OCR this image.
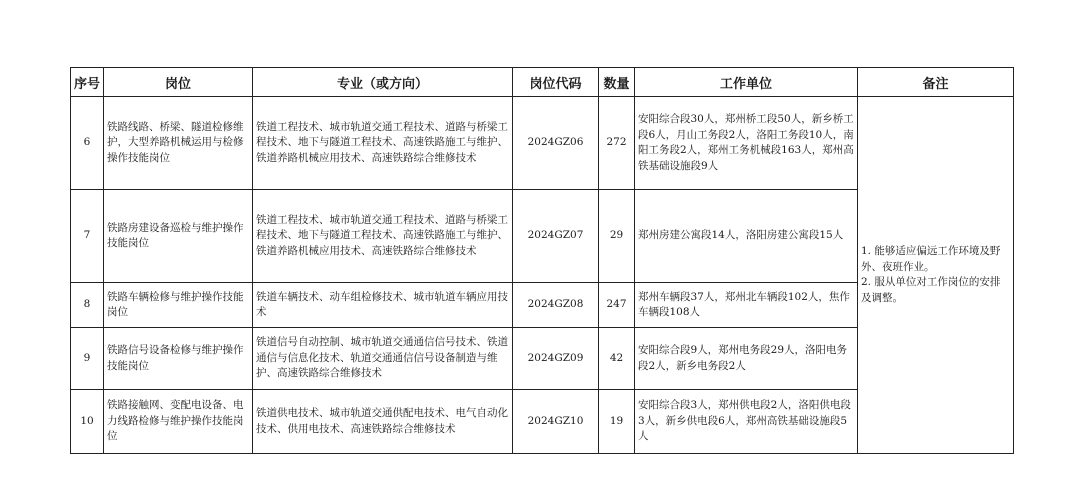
序号	岗位	专业（或方向）	岗位代码	数量	工作单位	备注
6	铁路线路、桥梁、隧道检修维护，大型养路机械运用与检修操作技能岗位	铁道工程技术、城市轨道交通工程技术、道路与桥梁工程技术、地下与隧道工程技术、高速铁路施工与维护、铁道养路机械应用技术、高速铁路综合维修技术	2024GZ06	272	安阳综合段30人，郑州桥工段50人，新乡桥工段6人，月山工务段2人，洛阳工务段10人，南阳工务段2人，郑州工务机械段163人，郑州高铁基础设施段9人	1. 能够适应偏远工作环境及野外、夜班作业。
2. 服从单位对工作岗位的安排及调整。

7	铁路房建设备巡检与维护操作技能岗位	铁道工程技术、城市轨道交通工程技术、道路与桥梁工程技术、地下与隧道工程技术、高速铁路施工与维护、铁道养路机械应用技术、高速铁路综合维修技术	2024GZ07	29	郑州房建公寓段14人，洛阳房建公寓段15人	
8	铁路车辆检修与维护操作技能岗位	铁道车辆技术、动车组检修技术、城市轨道车辆应用技术	2024GZ08	247	郑州车辆段37人，郑州北车辆段102人，焦作车辆段108人	
9	铁路信号设备检修与维护操作技能岗位	铁道信号自动控制、城市轨道交通通信信号技术、铁道通信与信息化技术、轨道交通通信信号设备制造与维护、高速铁路综合维修技术	2024GZ09	42	安阳综合段9人，郑州电务段29人，洛阳电务段2人，新乡电务段2人	
10	铁路接触网、变配电设备、电力线路检修与维护操作技能岗位	铁道供电技术、城市轨道交通供配电技术、电气自动化技术、供用电技术、高速铁路综合维修技术	2024GZ10	19	安阳综合段3人，郑州供电段2人，洛阳供电段3人，新乡供电段6人，郑州高铁基础设施段5人	
